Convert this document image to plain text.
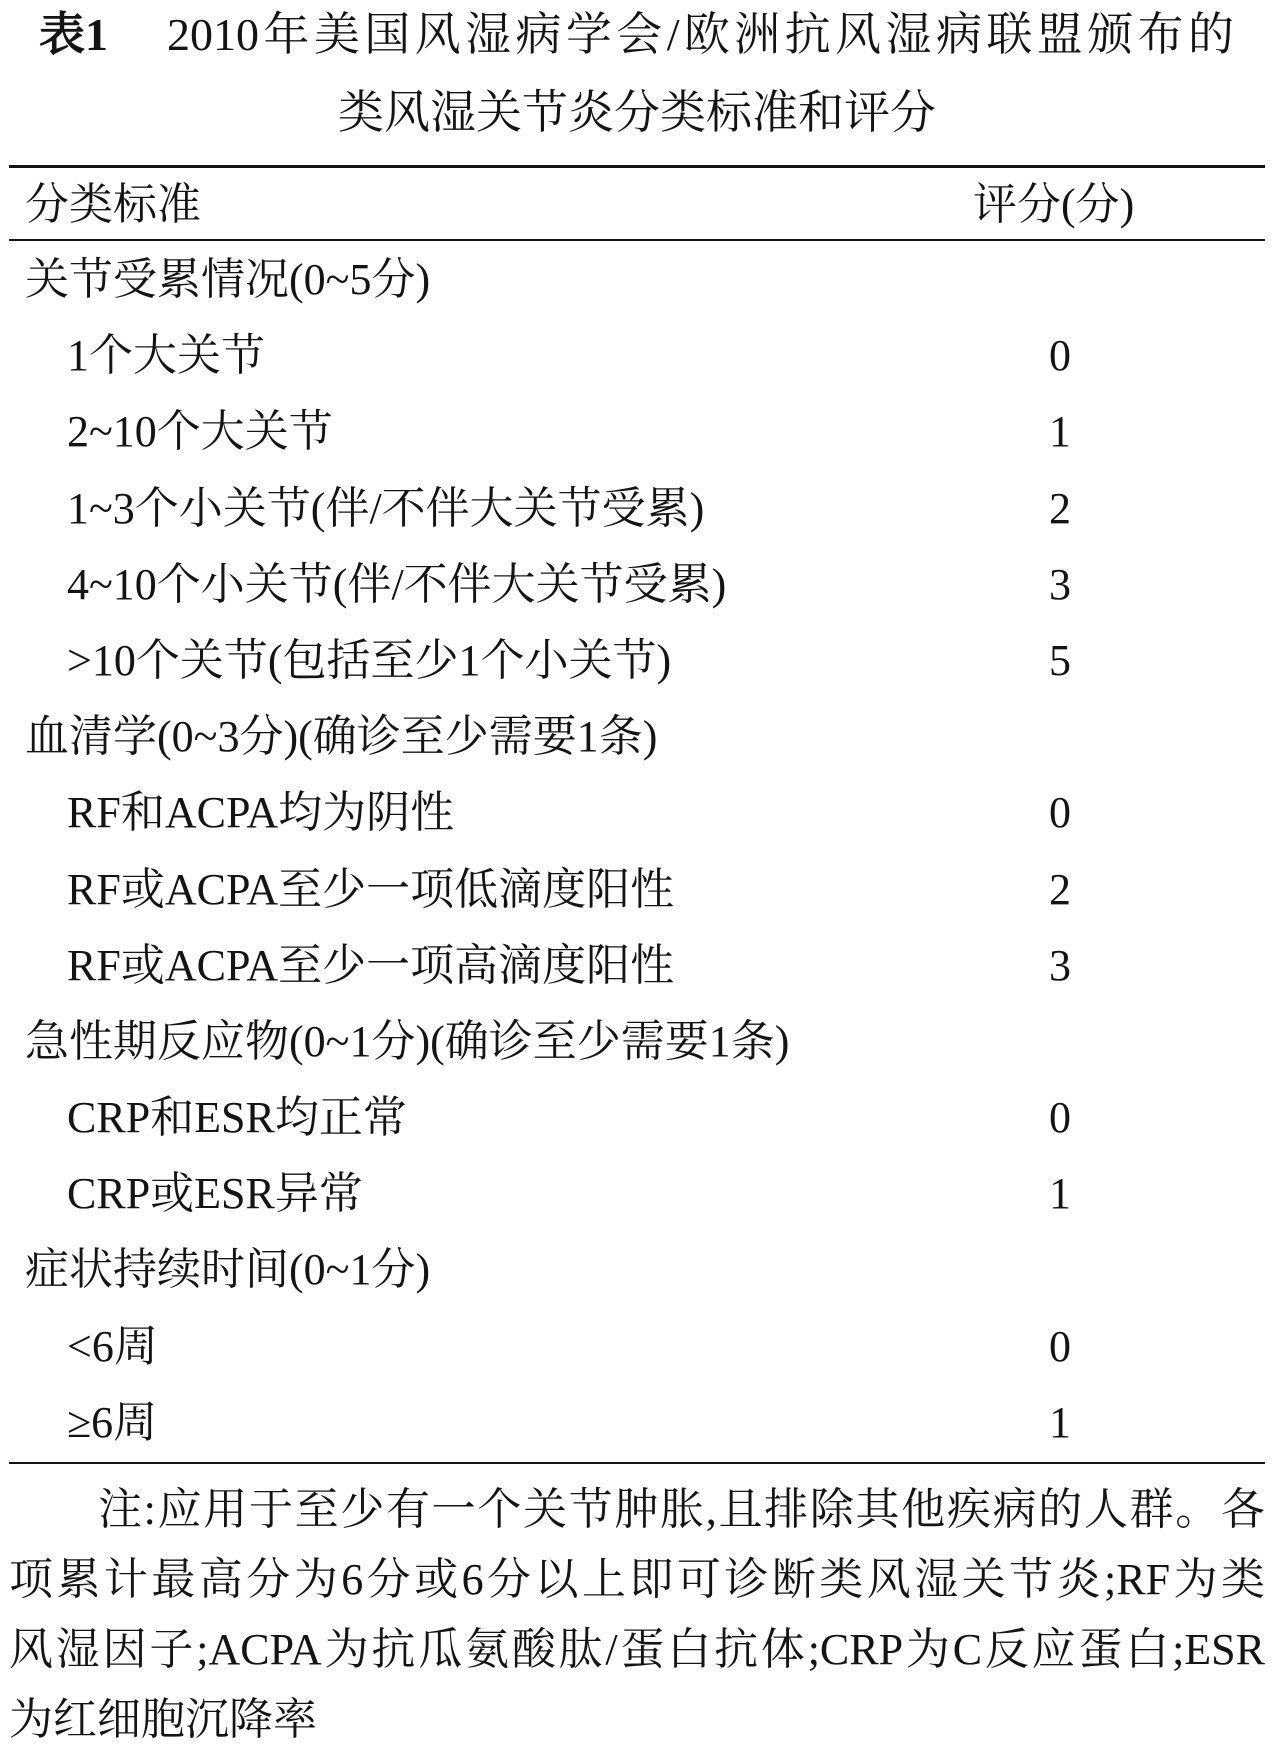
表1 2010年美国风湿病学会/欧洲抗风湿病联盟颁布的
类风湿关节炎分类标准和评分
分类标准	评分(分)
关节受累情况(0~5分)
1个大关节	0
2~10个大关节	1
1~3个小关节(伴/不伴大关节受累)	2
4~10个小关节(伴/不伴大关节受累)	3
>10个关节(包括至少1个小关节)	5
血清学(0~3分)(确诊至少需要1条)
RF和ACPA均为阴性	0
RF或ACPA至少一项低滴度阳性	2
RF或ACPA至少一项高滴度阳性	3
急性期反应物(0~1分)(确诊至少需要1条)
CRP和ESR均正常	0
CRP或ESR异常	1
症状持续时间(0~1分)
<6周	0
≥6周	1
注:应用于至少有一个关节肿胀,且排除其他疾病的人群。各
项累计最高分为6分或6分以上即可诊断类风湿关节炎;RF为类
风湿因子;ACPA为抗瓜氨酸肽/蛋白抗体;CRP为C反应蛋白;ESR
为红细胞沉降率
